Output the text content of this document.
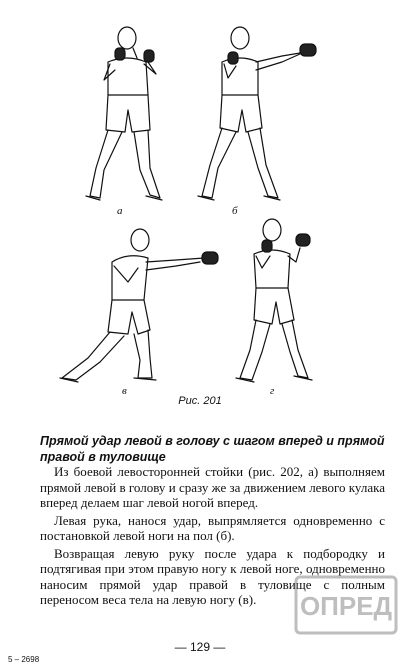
а	б
в	г
Рис. 201
Прямой удар левой в голову с шагом вперед и прямой правой в туловище

Из боевой левосторонней стойки (рис. 202, а) выполняем прямой левой в голову и сразу же за движением левого кулака вперед делаем шаг левой ногой вперед.

Левая рука, нанося удар, выпрямляется одновременно с постановкой левой ноги на пол (б).

Возвращая левую руку после удара к подбородку и подтягивая при этом правую ногу к левой ноге, одновременно наносим прямой удар правой в туловище с полным переносом веса тела на левую ногу (в).

— 129 —
5 – 2698
ОПРЕД
